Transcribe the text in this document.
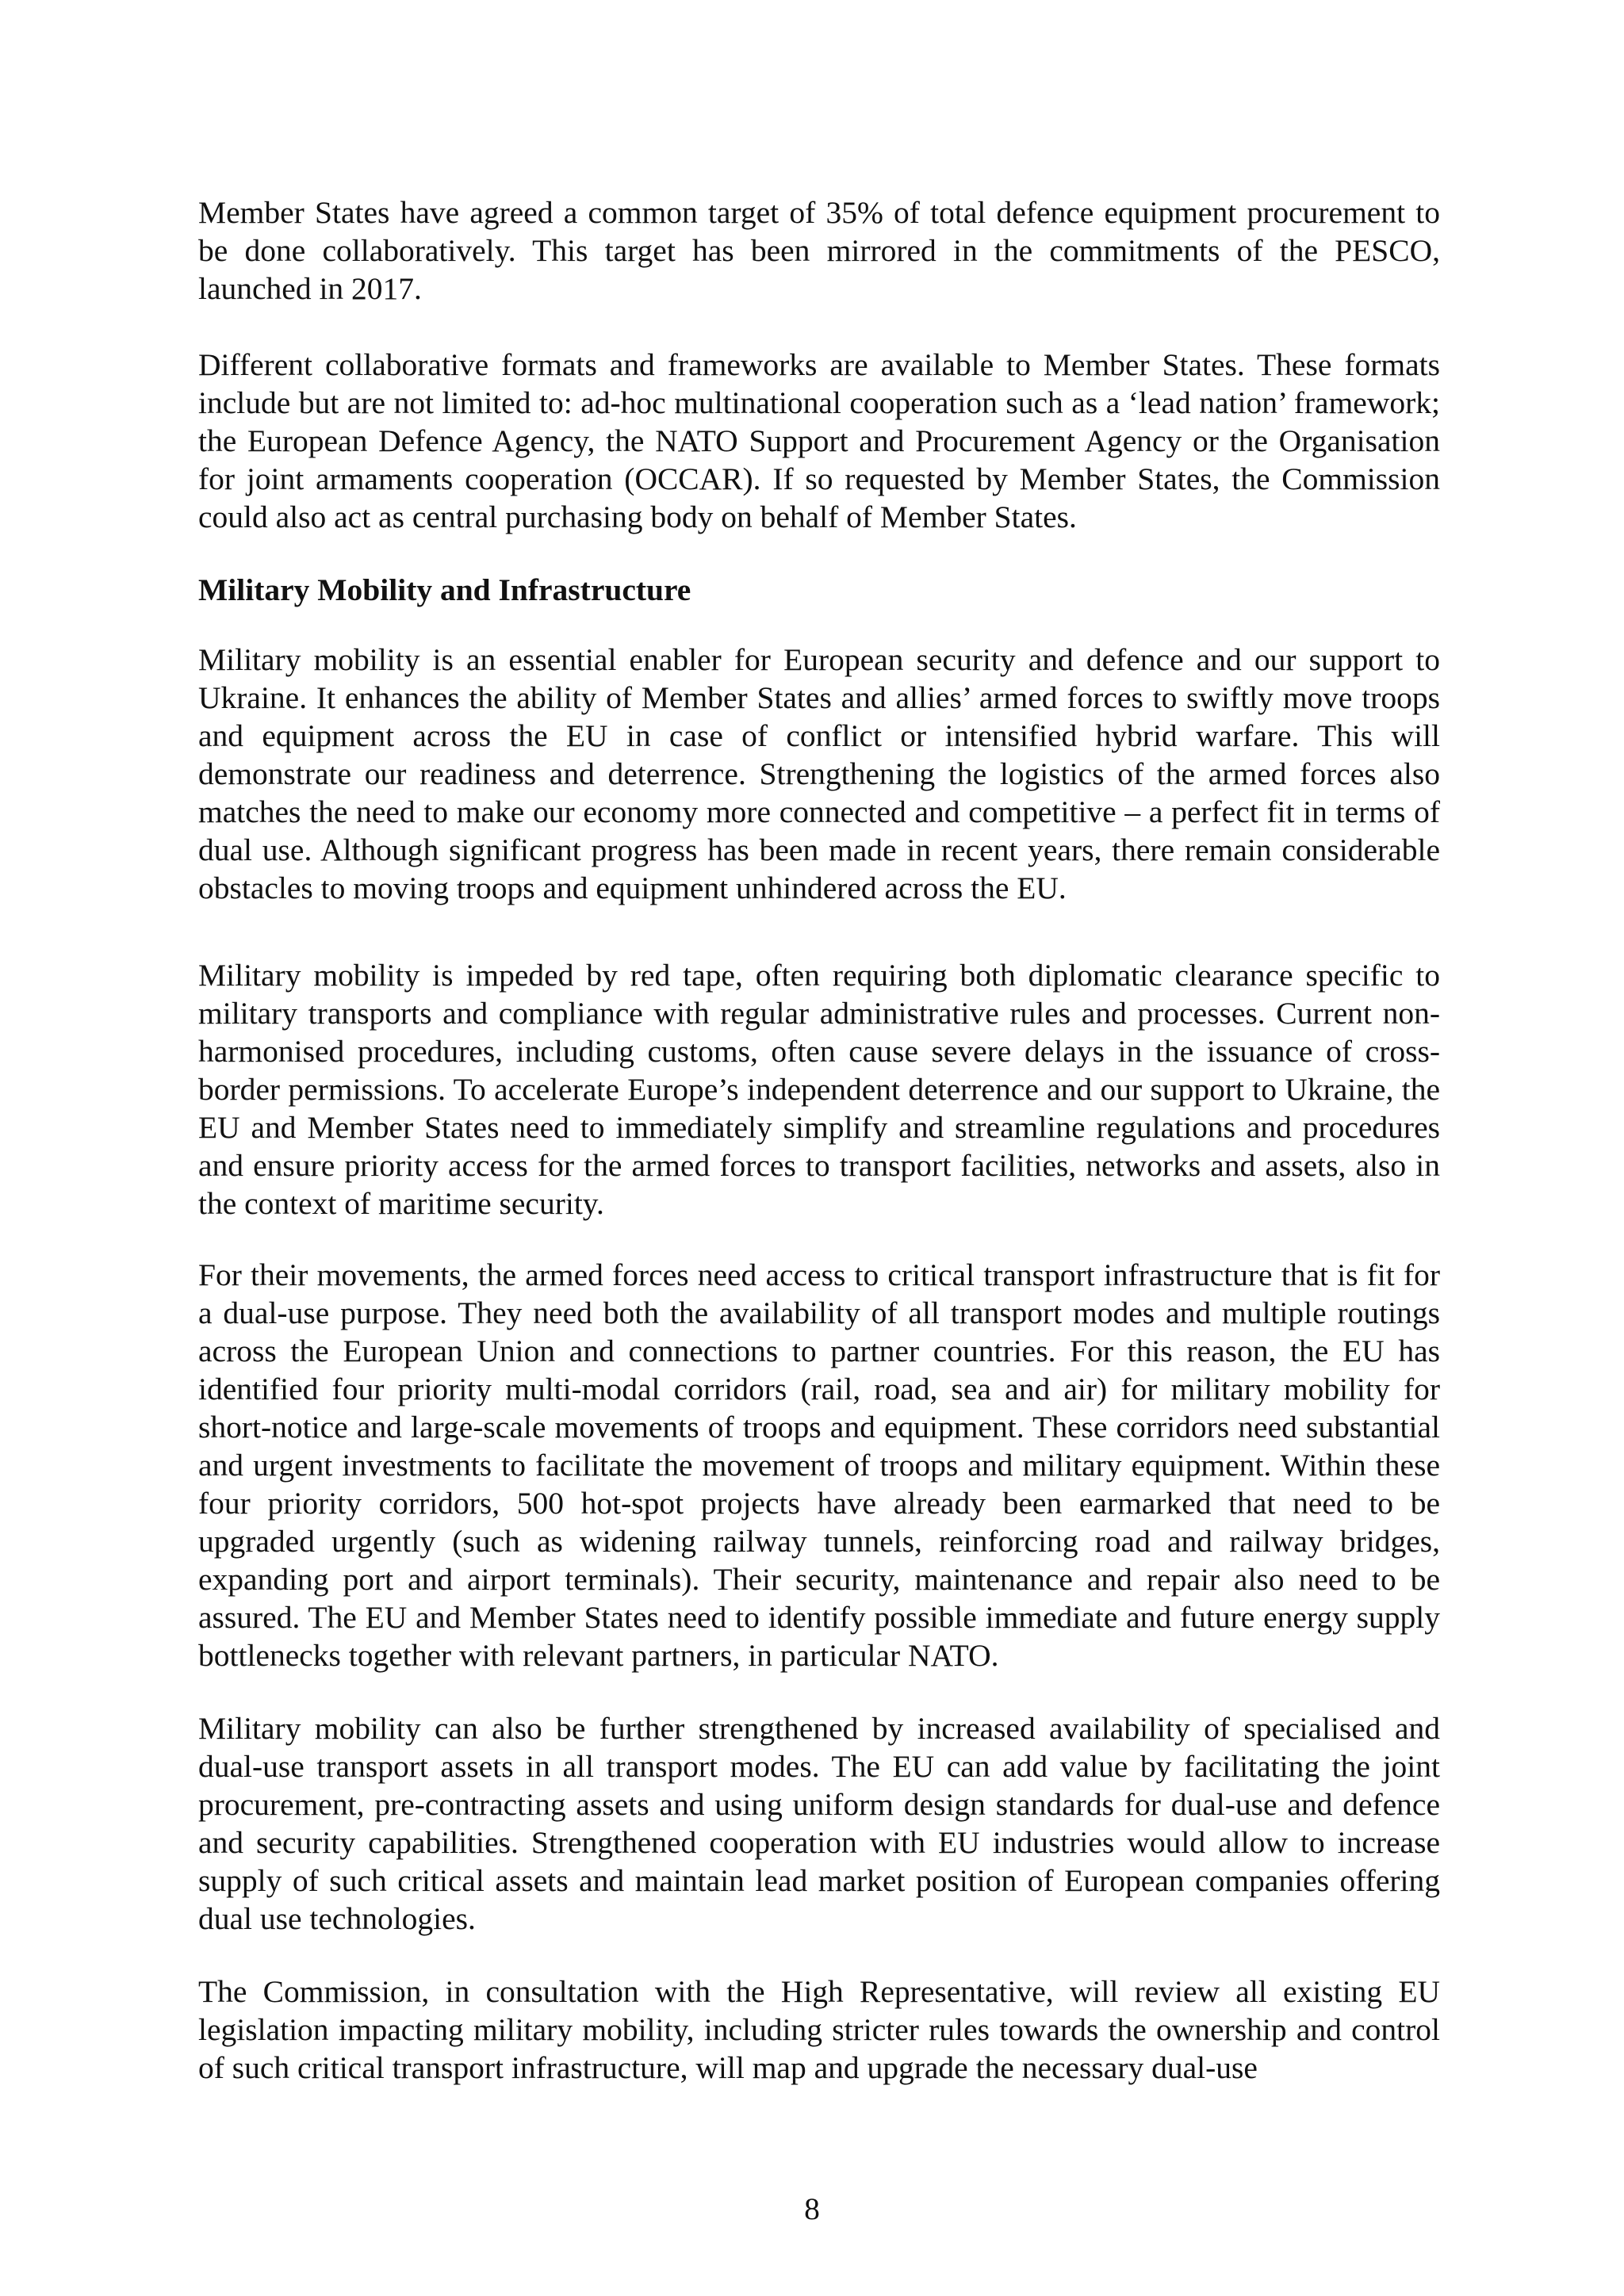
Member States have agreed a common target of 35% of total defence equipment procurement to be done collaboratively. This target has been mirrored in the commitments of the PESCO, launched in 2017.

Different collaborative formats and frameworks are available to Member States. These formats include but are not limited to: ad-hoc multinational cooperation such as a ‘lead nation’ framework; the European Defence Agency, the NATO Support and Procurement Agency or the Organisation for joint armaments cooperation (OCCAR). If so requested by Member States, the Commission could also act as central purchasing body on behalf of Member States.

Military Mobility and Infrastructure

Military mobility is an essential enabler for European security and defence and our support to Ukraine. It enhances the ability of Member States and allies’ armed forces to swiftly move troops and equipment across the EU in case of conflict or intensified hybrid warfare. This will demonstrate our readiness and deterrence. Strengthening the logistics of the armed forces also matches the need to make our economy more connected and competitive – a perfect fit in terms of dual use. Although significant progress has been made in recent years, there remain considerable obstacles to moving troops and equipment unhindered across the EU.

Military mobility is impeded by red tape, often requiring both diplomatic clearance specific to military transports and compliance with regular administrative rules and processes. Current non-harmonised procedures, including customs, often cause severe delays in the issuance of cross-border permissions. To accelerate Europe’s independent deterrence and our support to Ukraine, the EU and Member States need to immediately simplify and streamline regulations and procedures and ensure priority access for the armed forces to transport facilities, networks and assets, also in the context of maritime security.

For their movements, the armed forces need access to critical transport infrastructure that is fit for a dual-use purpose. They need both the availability of all transport modes and multiple routings across the European Union and connections to partner countries. For this reason, the EU has identified four priority multi-modal corridors (rail, road, sea and air) for military mobility for short-notice and large-scale movements of troops and equipment. These corridors need substantial and urgent investments to facilitate the movement of troops and military equipment. Within these four priority corridors, 500 hot-spot projects have already been earmarked that need to be upgraded urgently (such as widening railway tunnels, reinforcing road and railway bridges, expanding port and airport terminals). Their security, maintenance and repair also need to be assured. The EU and Member States need to identify possible immediate and future energy supply bottlenecks together with relevant partners, in particular NATO.

Military mobility can also be further strengthened by increased availability of specialised and dual-use transport assets in all transport modes. The EU can add value by facilitating the joint procurement, pre-contracting assets and using uniform design standards for dual-use and defence and security capabilities. Strengthened cooperation with EU industries would allow to increase supply of such critical assets and maintain lead market position of European companies offering dual use technologies.

The Commission, in consultation with the High Representative, will review all existing EU legislation impacting military mobility, including stricter rules towards the ownership and control of such critical transport infrastructure, will map and upgrade the necessary dual-use

8
